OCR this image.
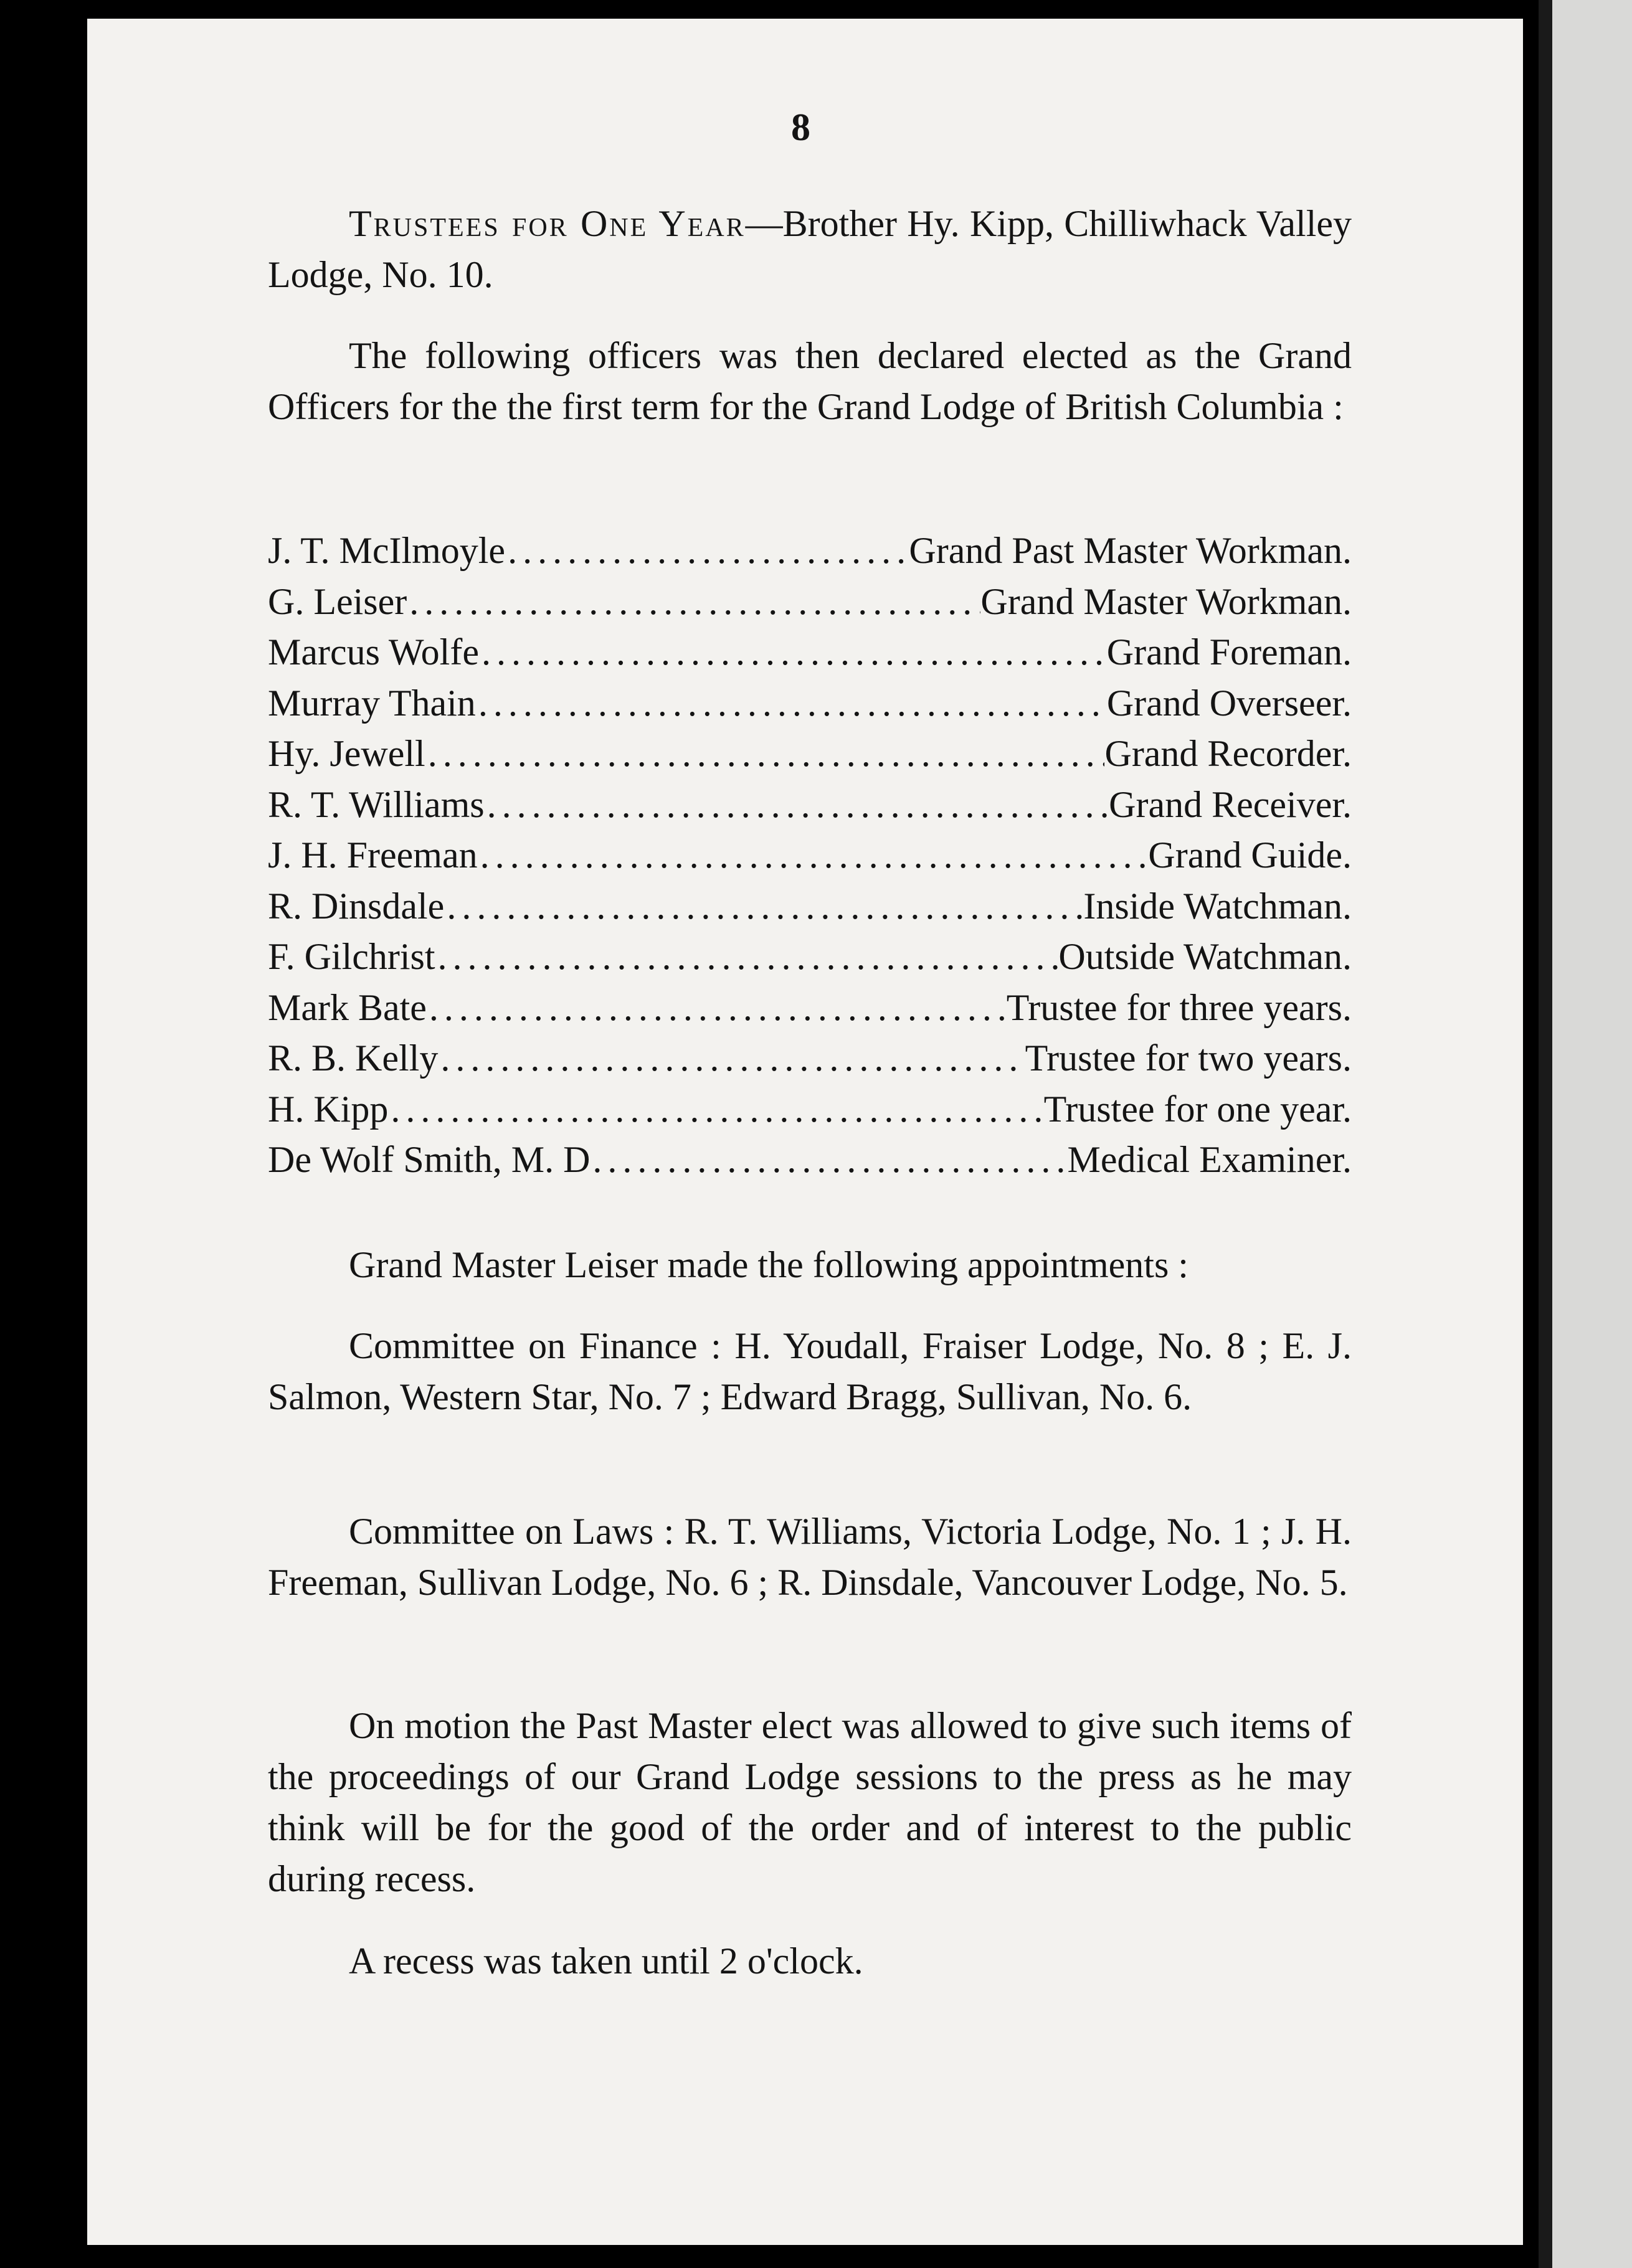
8
Trustees for One Year—Brother Hy. Kipp, Chilliwhack Valley Lodge, No. 10.
The following officers was then declared elected as the Grand Officers for the the first term for the Grand Lodge of British Columbia :
J. T. McIlmoyle .....	Grand Past Master Workman.
G. Leiser .....	Grand Master Workman.
Marcus Wolfe .....	Grand Foreman.
Murray Thain .....	Grand Overseer.
Hy. Jewell .....	Grand Recorder.
R. T. Williams .....	Grand Receiver.
J. H. Freeman .....	Grand Guide.
R. Dinsdale .....	Inside Watchman.
F. Gilchrist .....	Outside Watchman.
Mark Bate .....	Trustee for three years.
R. B. Kelly .....	Trustee for two years.
H. Kipp .....	Trustee for one year.
De Wolf Smith, M. D .....	Medical Examiner.
Grand Master Leiser made the following appointments :
Committee on Finance : H. Youdall, Fraiser Lodge, No. 8 ; E. J. Salmon, Western Star, No. 7 ; Edward Bragg, Sullivan, No. 6.
Committee on Laws : R. T. Williams, Victoria Lodge, No. 1 ; J. H. Freeman, Sullivan Lodge, No. 6 ; R. Dinsdale, Vancouver Lodge, No. 5.
On motion the Past Master elect was allowed to give such items of the proceedings of our Grand Lodge sessions to the press as he may think will be for the good of the order and of interest to the public during recess.
A recess was taken until 2 o'clock.
